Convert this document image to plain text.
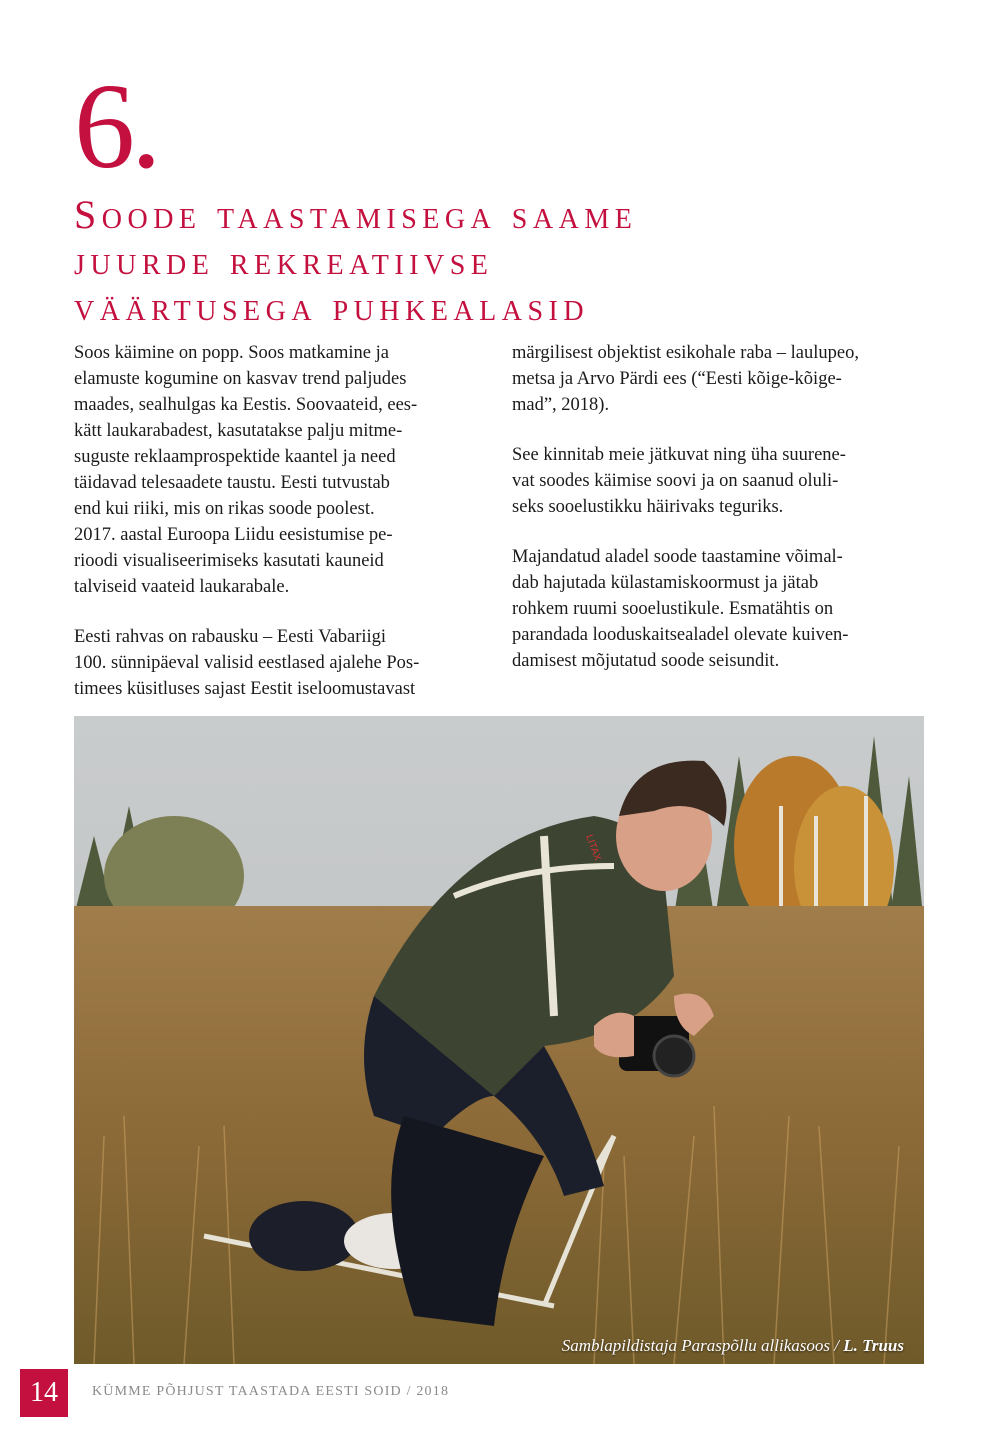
6.
Soode taastamisega saame
juurde rekreatiivse
väärtusega puhkealasid

Soos käimine on popp. Soos matkamine ja
elamuste kogumine on kasvav trend paljudes
maades, sealhulgas ka Eestis. Soovaateid, ees-
kätt laukarabadest, kasutatakse palju mitme-
suguste reklaamprospektide kaantel ja need
täidavad telesaadete taustu. Eesti tutvustab
end kui riiki, mis on rikas soode poolest.
2017. aastal Euroopa Liidu eesistumise pe-
rioodi visualiseerimiseks kasutati kauneid
talviseid vaateid laukarabale.

Eesti rahvas on rabausku – Eesti Vabariigi
100. sünnipäeval valisid eestlased ajalehe Pos-
timees küsitluses sajast Eestit iseloomustavast

märgilisest objektist esikohale raba – laulupeo,
metsa ja Arvo Pärdi ees (“Eesti kõige-kõige-
mad”, 2018).

See kinnitab meie jätkuvat ning üha suurene-
vat soodes käimise soovi ja on saanud oluli-
seks sooelustikku häirivaks teguriks.

Majandatud aladel soode taastamine võimal-
dab hajutada külastamiskoormust ja jätab
rohkem ruumi sooelustikule. Esmatähtis on
parandada looduskaitsealadel olevate kuiven-
damisest mõjutatud soode seisundit.

LITAX
Samblapildistaja Paraspõllu allikasoos / L. Truus
14	KÜMME PÕHJUST TAASTADA EESTI SOID / 2018
